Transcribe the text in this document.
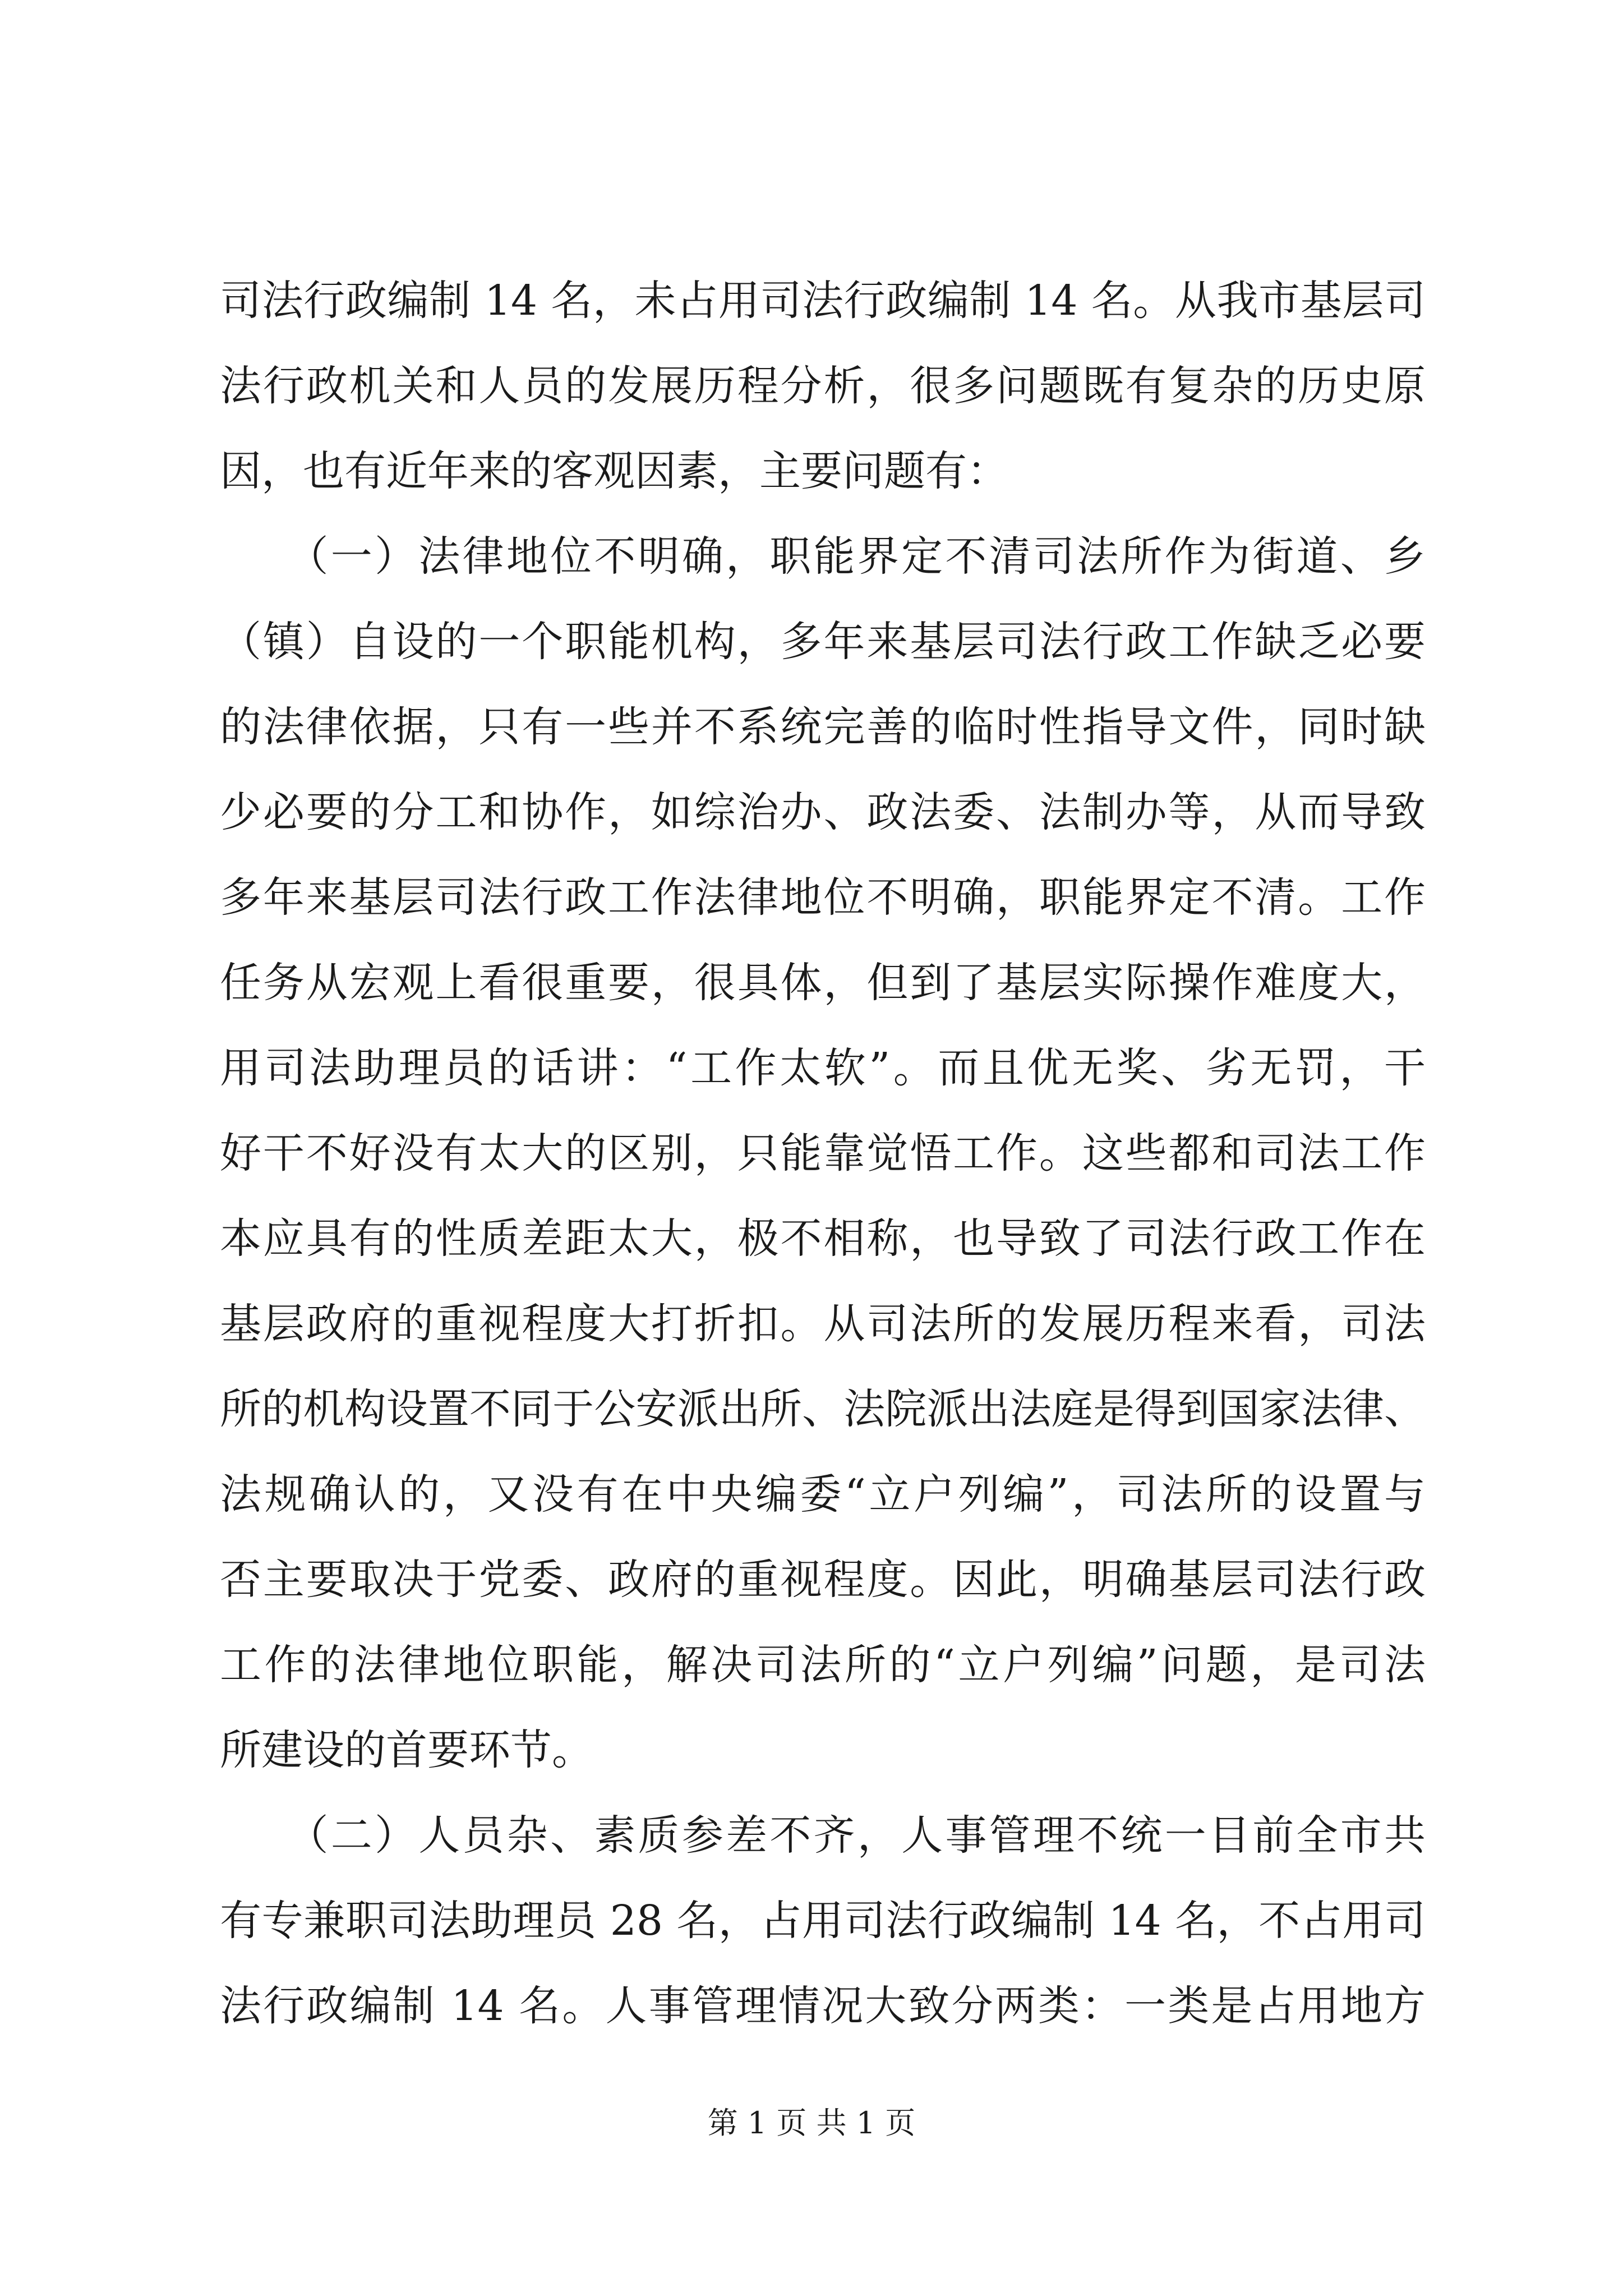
司法行政编制 14 名，未占用司法行政编制 14 名。从我市基层司
法行政机关和人员的发展历程分析，很多问题既有复杂的历史原
因，也有近年来的客观因素，主要问题有：
　　（一）法律地位不明确，职能界定不清司法所作为街道、乡
（镇）自设的一个职能机构，多年来基层司法行政工作缺乏必要
的法律依据，只有一些并不系统完善的临时性指导文件，同时缺
少必要的分工和协作，如综治办、政法委、法制办等，从而导致
多年来基层司法行政工作法律地位不明确，职能界定不清。工作
任务从宏观上看很重要，很具体，但到了基层实际操作难度大，
用司法助理员的话讲：“工作太软”。而且优无奖、劣无罚，干
好干不好没有太大的区别，只能靠觉悟工作。这些都和司法工作
本应具有的性质差距太大，极不相称，也导致了司法行政工作在
基层政府的重视程度大打折扣。从司法所的发展历程来看，司法
所的机构设置不同于公安派出所、法院派出法庭是得到国家法律、
法规确认的，又没有在中央编委“立户列编”，司法所的设置与
否主要取决于党委、政府的重视程度。因此，明确基层司法行政
工作的法律地位职能，解决司法所的“立户列编”问题，是司法
所建设的首要环节。
　　（二）人员杂、素质参差不齐，人事管理不统一目前全市共
有专兼职司法助理员 28 名，占用司法行政编制 14 名，不占用司
法行政编制 14 名。人事管理情况大致分两类：一类是占用地方
第 1 页 共 1 页
